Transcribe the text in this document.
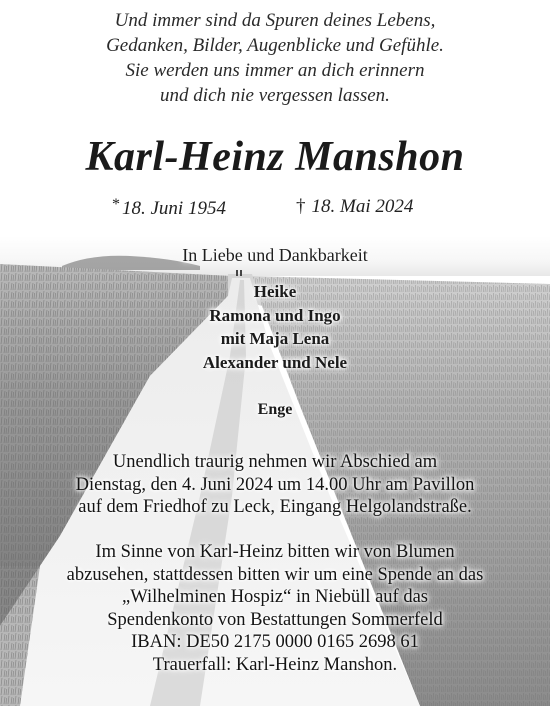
Und immer sind da Spuren deines Lebens,
Gedanken, Bilder, Augenblicke und Gefühle.
Sie werden uns immer an dich erinnern
und dich nie vergessen lassen.
Karl-Heinz Manshon
* 18. Juni 1954	† 18. Mai 2024
In Liebe und Dankbarkeit
Heike
Ramona und Ingo
mit Maja Lena
Alexander und Nele
Enge
Unendlich traurig nehmen wir Abschied am
Dienstag, den 4. Juni 2024 um 14.00 Uhr am Pavillon
auf dem Friedhof zu Leck, Eingang Helgolandstraße.
Im Sinne von Karl-Heinz bitten wir von Blumen
abzusehen, stattdessen bitten wir um eine Spende an das
„Wilhelminen Hospiz“ in Niebüll auf das
Spendenkonto von Bestattungen Sommerfeld
IBAN: DE50 2175 0000 0165 2698 61
Trauerfall: Karl-Heinz Manshon.
